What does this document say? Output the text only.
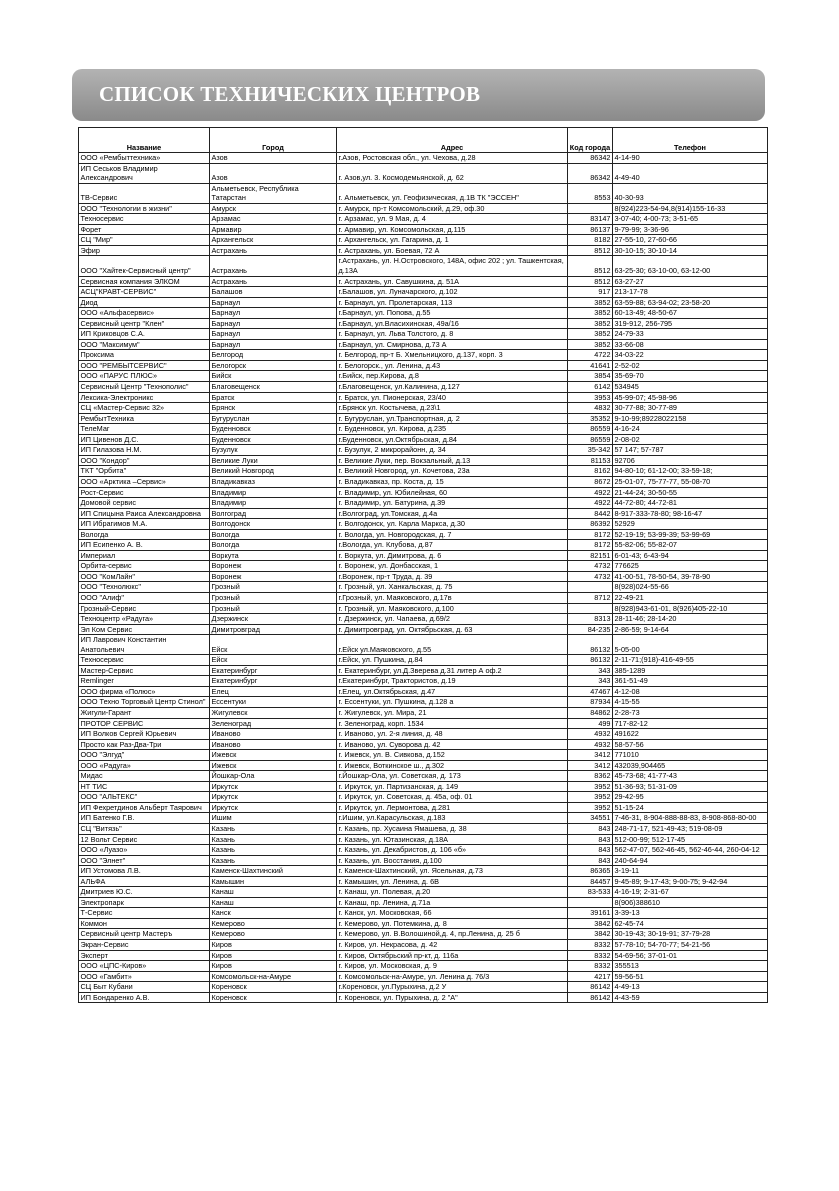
СПИСОК ТЕХНИЧЕСКИХ ЦЕНТРОВ
Название	Город	Адрес	Код города	Телефон
ООО «Рембыттехника»	Азов	г.Азов, Ростовская обл., ул. Чехова, д.28	86342	4-14-90
ИП Сеськов Владимир Александрович	Азов	г. Азов,ул. 3. Космодемьянской, д. 62	86342	4-49-40
ТВ-Сервис	Альметьевск, Республика Татарстан	г. Альметьевск, ул. Геофизическая, д.1В ТК "ЭССЕН"	8553	40-30-93
ООО "Технологии в жизни"	Амурск	г. Амурск, пр-т Комсомольский, д.29, оф.30		8(924)223-54-94,8(914)155-16-33
Техносервис	Арзамас	г. Арзамас, ул. 9 Мая, д. 4	83147	3-07-40; 4-00-73; 3-51-65
Форет	Армавир	г. Армавир, ул. Комсомольская, д.115	86137	9-79-99; 3-36-96
СЦ "Мир"	Архангельск	г. Архангельск, ул. Гагарина, д. 1	8182	27-55-10, 27-60-66
Эфир	Астрахань	г. Астрахань, ул. Боевая, 72 А	8512	30-10-15; 30-10-14
ООО "Хайтек-Сервисный центр"	Астрахань	г.Астрахань, ул. Н.Островского, 148А, офис 202 ; ул. Ташкентская, д.13А	8512	63-25-30; 63-10-00, 63-12-00
Сервисная компания ЭЛКОМ	Астрахань	г. Астрахань, ул. Савушкина, д. 51А	8512	63-27-27
АСЦ"КРАВТ-СЕРВИС"	Балашов	г.Балашов, ул. Луначарского, д.102	917	213-17-78
Диод	Барнаул	г. Барнаул, ул. Пролетарская, 113	3852	63-59-88; 63-94-02; 23-58-20
ООО «Альфасервис»	Барнаул	г.Барнаул, ул. Попова, д.55	3852	60-13-49; 48-50-67
Сервисный центр "Клен"	Барнаул	г.Барнаул, ул.Власихинская, 49а/16	3852	319-912, 256-795
ИП Криковцов С.А.	Барнаул	г. Барнаул, ул. Льва Толстого, д. 8	3852	24-79-33
ООО "Максимум"	Барнаул	г.Барнаул, ул. Смирнова, д.73 А	3852	33-66-08
Проксима	Белгород	г. Белгород, пр-т Б. Хмельницкого, д.137, корп. 3	4722	34-03-22
ООО "РЕМБЫТСЕРВИС"	Белогорск	г. Белогорск., ул. Ленина, д.43	41641	2-52-02
ООО «ПАРУС ПЛЮС»	Бийск	г.Бийск, пер.Кирова, д.8	3854	35-69-70
Сервисный Центр "Технополис"	Благовещенск	г.Благовещенск, ул.Калинина, д.127	6142	534945
Лексика-Электроникс	Братск	г. Братск, ул. Пионерская, 23/40	3953	45-99-07; 45-98-96
СЦ «Мастер-Сервис 32»	Брянск	г.Брянск ул. Костычева, д.23\1	4832	30-77-88; 30-77-89
РембытТехника	Бугуруслан	г. Бугуруслан, ул.Транспортная, д. 2	35352	9-10-99;89228022158
ТелеМаг	Буденновск	г. Буденновск, ул. Кирова, д.235	86559	4-16-24
ИП Цивенов Д.С.	Буденновск	г.Буденновск, ул.Октябрьская, д.84	86559	2-08-02
ИП Гилазова Н.М.	Бузулук	г. Бузулук, 2 микрорайонн, д. 34	35-342	57 147; 57-787
ООО "Кондор"	Великие Луки	г. Великие Луки, пер. Вокзальный, д.13	81153	92706
ТКТ "Орбита"	Великий Новгород	г. Великий Новгород, ул. Кочетова, 23а	8162	94-80-10; 61-12-00; 33-59-18;
ООО «Арктика –Сервис»	Владикавказ	г. Владикавказ, пр. Коста, д. 15	8672	25-01-07, 75-77-77, 55-08-70
Рост-Сервис	Владимир	г. Владимир, ул. Юбилейная, 60	4922	21-44-24; 30-50-55
Домовой сервис	Владимир	г. Владимир, ул. Батурина, д.39	4922	44-72-80; 44-72-81
ИП Спицына Раиса Александровна	Волгоград	г.Волгоград, ул.Томская, д.4а	8442	8-917-333-78-80; 98-16-47
ИП Ибрагимов М.А.	Волгодонск	г. Волгодонск, ул. Карла Маркса, д.30	86392	52929
Вологда	Вологда	г. Вологда, ул. Новгородская, д. 7	8172	52-19-19; 53-99-39; 53-99-69
ИП Есипенко А. В.	Вологда	г.Вологда, ул. Клубова, д.87	8172	55-82-06; 55-82-07
Империал	Воркута	г. Воркута, ул. Димитрова, д. 6	82151	6-01-43; 6-43-94
Орбита-сервис	Воронеж	г. Воронеж, ул. Донбасская, 1	4732	776625
ООО "КомЛайн"	Воронеж	г.Воронеж, пр-т Труда, д. 39	4732	41-00-51, 78-50-54, 39-78-90
ООО "Технолюкс"	Грозный	г. Грозный, ул. Ханкальская, д. 75		8(928)024-55-66
ООО "Алиф"	Грозный	г.Грозный, ул. Маяковского, д.17в	8712	22-49-21
Грозный-Сервис	Грозный	г. Грозный, ул. Маяковского, д.100		8(928)943-61-01, 8(926)405-22-10
Техноцентр «Радуга»	Дзержинск	г. Дзержинск, ул. Чапаева, д.69/2	8313	28-11-46; 28-14-20
Эл Ком Сервис	Димитровград	г. Димитровград, ул. Октябрьская, д. 63	84-235	2-86-59; 9-14-64
ИП Лаврович Константин Анатольевич	Ейск	г.Ейск ул.Маяковского, д.55	86132	5-05-00
Техносервис	Ейск	г.Ейск, ул. Пушкина, д.84	86132	2-11-71;(918)-416-49-55
Мастер-Сервис	Екатеринбург	г. Екатеринбург, ул.Д.Зверева д.31 литер А оф.2	343	385-1289
Remlinger	Екатеринбург	г.Екатеринбург, Трактористов, д.19	343	361-51-49
ООО фирма «Полюс»	Елец	г.Елец, ул.Октябрьская, д.47	47467	4-12-08
ООО Техно Торговый Центр Стинол"	Ессентуки	г. Ессентуки, ул. Пушкина, д.128 а	87934	4-15-55
Жигули-Гарант	Жигулевск	г. Жигулевск, ул. Мира, 21	84862	2-28-73
ПРОТОР СЕРВИС	Зеленоград	г. Зеленоград, корп. 1534	499	717-82-12
ИП Волков Сергей Юрьевич	Иваново	г. Иваново, ул. 2-я линия, д. 48	4932	491622
Просто как Раз-Два-Три	Иваново	г. Иваново, ул. Суворова д. 42	4932	58-57-56
ООО "Элгуд"	Ижевск	г. Ижевск, ул. В. Сивкова, д.152	3412	771010
ООО «Радуга»	Ижевск	г. Ижевск, Воткинское ш., д.302	3412	432039,904465
Мидас	Йошкар-Ола	г.Йошкар-Ола, ул. Советская, д. 173	8362	45-73-68; 41-77-43
НТ ТИС	Иркутск	г. Иркутск, ул. Партизанская, д. 149	3952	51-36-93; 51-31-09
ООО "АЛЬТЕКС"	Иркутск	г. Иркутск, ул. Советская, д. 45а, оф. 01	3952	29-42-95
ИП Фехретдинов Альберт Таярович	Иркутск	г. Иркутск, ул. Лермонтова, д.281	3952	51-15-24
ИП Батенко Г.В.	Ишим	г.Ишим, ул.Карасульская, д.183	34551	7-46-31, 8-904-888-88-83, 8-908-868-80-00
СЦ "Витязь"	Казань	г. Казань, пр. Хусаина Ямашева, д. 38	843	248-71-17, 521-49-43; 519-08-09
12 Вольт Сервис	Казань	г. Казань, ул. Ютазинская, д.18А	843	512-00-99; 512-17-45
ООО «Луазо»	Казань	г. Казань, ул. Декабристов, д. 106 «б»	843	562-47-07, 562-46-45, 562-46-44, 260-04-12
ООО "Элнет"	Казань	г. Казань, ул. Восстания, д.100	843	240-64-94
ИП Устомова Л.В.	Каменск-Шахтинский	г. Каменск-Шахтинский, ул. Ясельная, д.73	86365	3-19-11
АЛЬФА	Камышин	г. Камышин, ул. Ленина, д. 6В	84457	9-45-89; 9-17-43; 9-00-75; 9-42-94
Дмитриев Ю.С.	Канаш	г. Канаш, ул. Полевая, д.20	83-533	4-16-19; 2-31-67
Электропарк	Канаш	г. Канаш, пр. Ленина, д.71а		8(906)388610
Т-Сервис	Канск	г. Канск, ул. Московская, 66	39161	3-39-13
Коммон	Кемерово	г. Кемерово, ул. Потемкина, д. 8	3842	62-45-74
Сервисный центр Мастеръ	Кемерово	г. Кемерово, ул. В.Волошиной,д. 4, пр.Ленина, д. 25 б	3842	30-19-43; 30-19-91; 37-79-28
Экран-Сервис	Киров	г. Киров, ул. Некрасова, д. 42	8332	57-78-10; 54-70-77; 54-21-56
Эксперт	Киров	г. Киров, Октябрьский пр-кт, д. 116а	8332	54-69-56; 37-01-01
ООО «ЦПС-Киров»	Киров	г. Киров, ул. Московская, д. 9	8332	355513
ООО «Гамбит»	Комсомольск-на-Амуре	г. Комсомольск-на-Амуре, ул. Ленина д. 76/3	4217	59-56-51
СЦ Быт Кубани	Кореновск	г.Кореновск, ул.Пурыхина, д.2 У	86142	4-49-13
ИП Бондаренко А.В.	Кореновск	г. Кореновск, ул. Пурыхина, д. 2 "А"	86142	4-43-59
